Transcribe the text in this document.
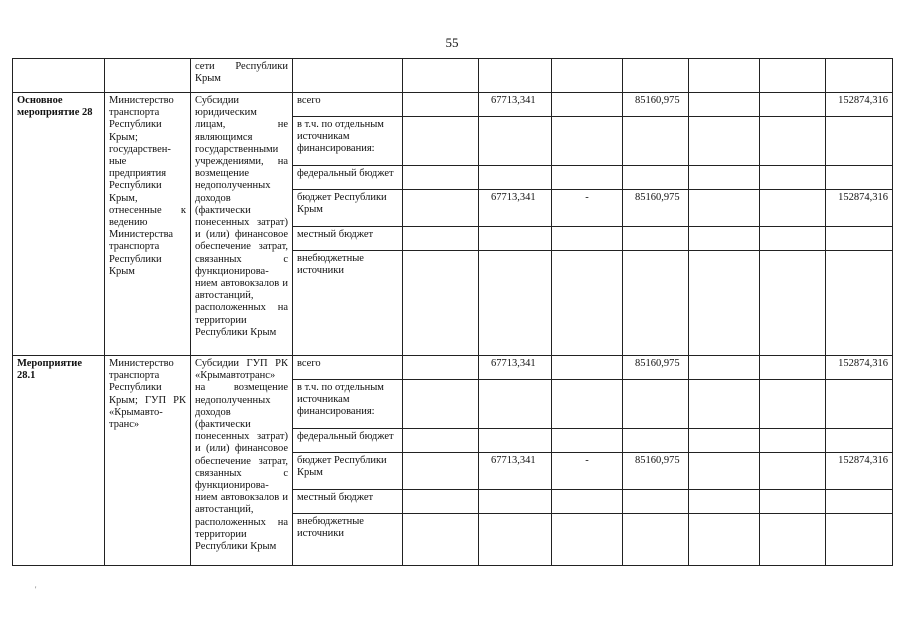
55
		сети Республики Крым								
Основное мероприятие 28	Министерство транспорта Республики Крым; государствен-ные предприятия Республики Крым, отнесенные к ведению Министерства транспорта Республики Крым	Субсидии юридическим лицам, не являющимся государственными учреждениями, на возмещение недополученных доходов (фактически понесенных затрат) и (или) финансовое обеспечение затрат, связанных с функционирова-нием автовокзалов и автостанций, расположенных на территории Республики Крым	всего		67713,341		85160,975			152874,316
			в т.ч. по отдельным источникам финансирования:							
			федеральный бюджет							
			бюджет Республики Крым		67713,341	-	85160,975			152874,316
			местный бюджет							
			внебюджетные источники							
Мероприятие 28.1	Министерство транспорта Республики Крым; ГУП РК «Крымавто-транс»	Субсидии ГУП РК «Крымавтотранс» на возмещение недополученных доходов (фактически понесенных затрат) и (или) финансовое обеспечение затрат, связанных с функционирова-нием автовокзалов и автостанций, расположенных на территории Республики Крым	всего		67713,341		85160,975			152874,316
			в т.ч. по отдельным источникам финансирования:							
			федеральный бюджет							
			бюджет Республики Крым		67713,341	-	85160,975			152874,316
			местный бюджет							
			внебюджетные источники							
'
